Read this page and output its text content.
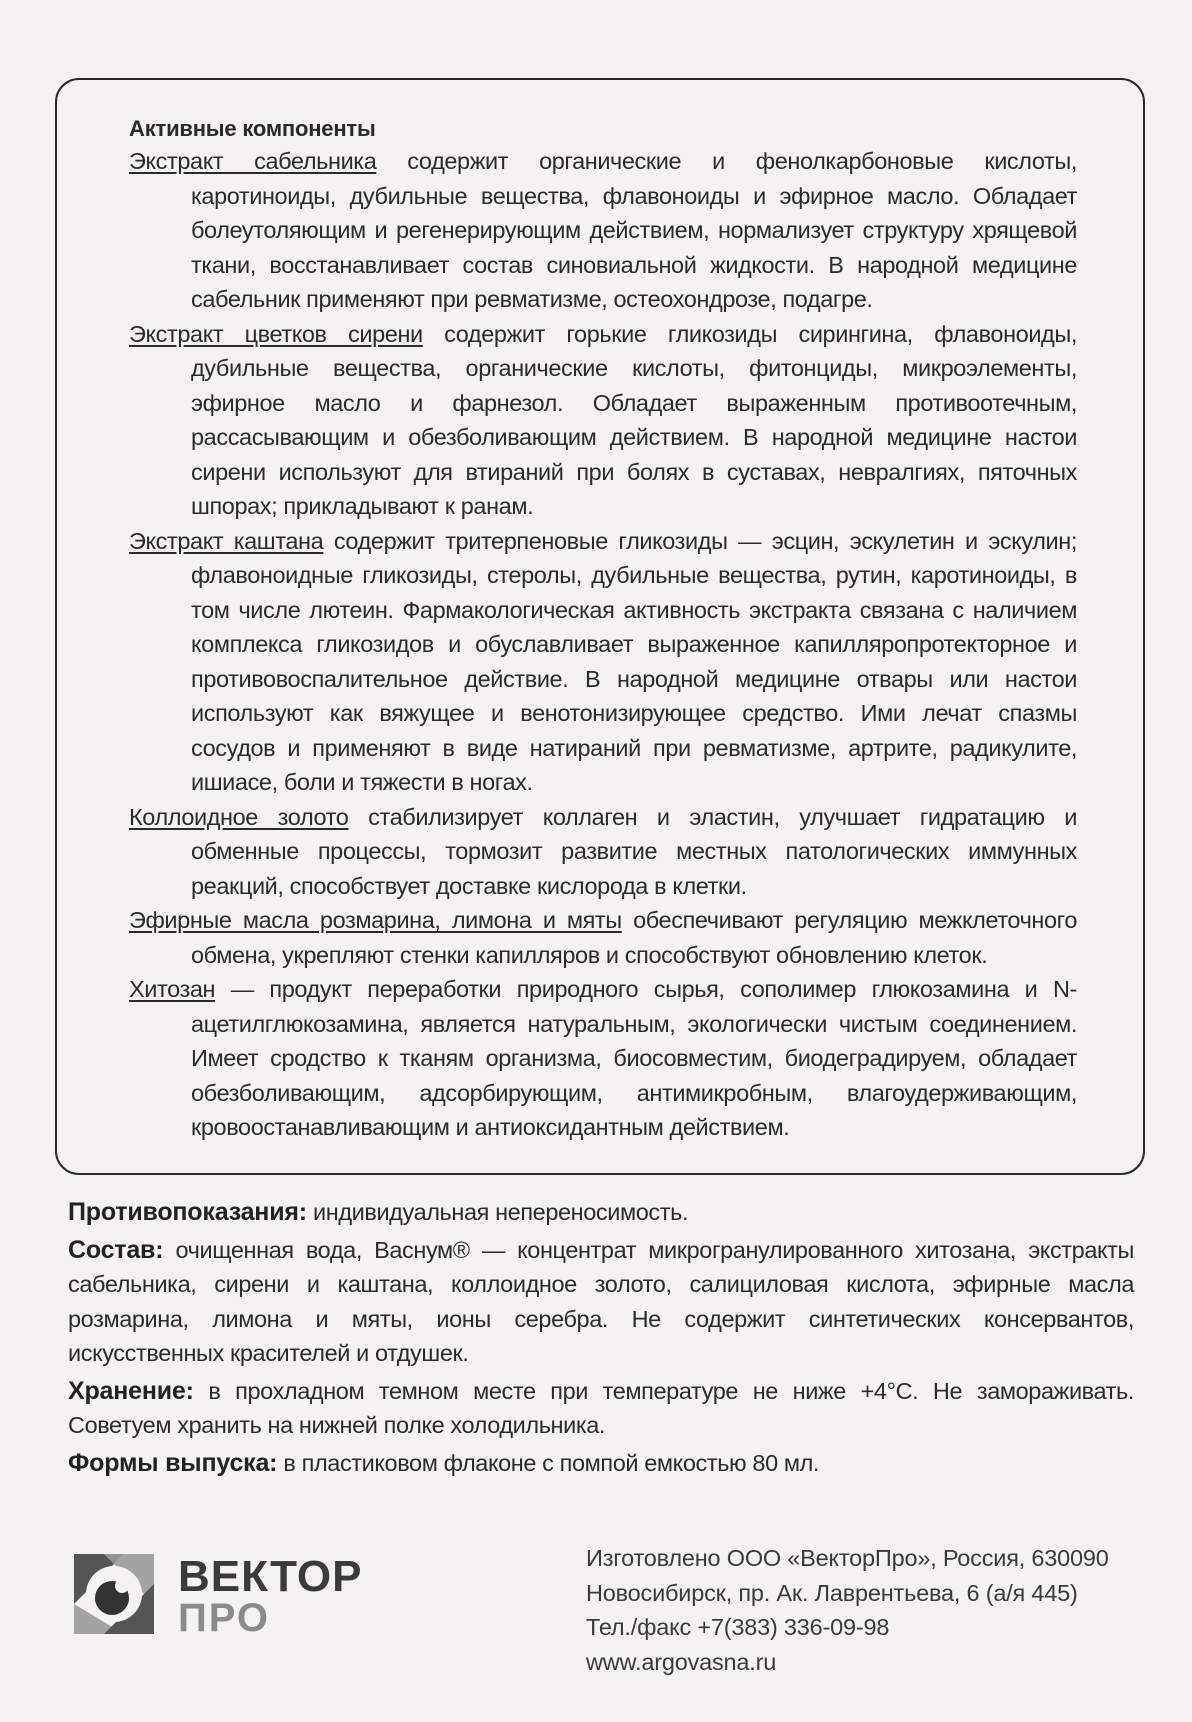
Активные компоненты

Экстракт сабельника содержит органические и фенолкарбоновые кислоты, каротиноиды, дубильные вещества, флавоноиды и эфирное масло. Обладает болеутоляющим и регенерирующим действием, нормализует структуру хрящевой ткани, восстанавливает состав синовиальной жидкости. В народной медицине сабельник применяют при ревматизме, остеохондрозе, подагре.

Экстракт цветков сирени содержит горькие гликозиды сирингина, флавоноиды, дубильные вещества, органические кислоты, фитонциды, микроэлементы, эфирное масло и фарнезол. Обладает выраженным противоотечным, рассасывающим и обезболивающим действием. В народной медицине настои сирени используют для втираний при болях в суставах, невралгиях, пяточных шпорах; прикладывают к ранам.

Экстракт каштана содержит тритерпеновые гликозиды — эсцин, эскулетин и эскулин; флавоноидные гликозиды, стеролы, дубильные вещества, рутин, каротиноиды, в том числе лютеин. Фармакологическая активность экстракта связана с наличием комплекса гликозидов и обуславливает выраженное капилляропротекторное и противовоспалительное действие. В народной медицине отвары или настои используют как вяжущее и венотонизирующее средство. Ими лечат спазмы сосудов и применяют в виде натираний при ревматизме, артрите, радикулите, ишиасе, боли и тяжести в ногах.

Коллоидное золото стабилизирует коллаген и эластин, улучшает гидратацию и обменные процессы, тормозит развитие местных патологических иммунных реакций, способствует доставке кислорода в клетки.

Эфирные масла розмарина, лимона и мяты обеспечивают регуляцию межклеточного обмена, укрепляют стенки капилляров и способствуют обновлению клеток.

Хитозан — продукт переработки природного сырья, сополимер глюкозамина и N-ацетилглюкозамина, является натуральным, экологически чистым соединением. Имеет сродство к тканям организма, биосовместим, биодеградируем, обладает обезболивающим, адсорбирующим, антимикробным, влагоудерживающим, кровоостанавливающим и антиоксидантным действием.

Противопоказания: индивидуальная непереносимость.

Состав: очищенная вода, Васнум® — концентрат микрогранулированного хитозана, экстракты сабельника, сирени и каштана, коллоидное золото, салициловая кислота, эфирные масла розмарина, лимона и мяты, ионы серебра. Не содержит синтетических консервантов, искусственных красителей и отдушек.

Хранение: в прохладном темном месте при температуре не ниже +4°С. Не замораживать. Советуем хранить на нижней полке холодильника.

Формы выпуска: в пластиковом флаконе с помпой емкостью 80 мл.

ВЕКТОР
ПРО
Изготовлено ООО «ВекторПро», Россия, 630090
Новосибирск, пр. Ак. Лаврентьева, 6 (а/я 445)
Тел./факс +7(383) 336-09-98
www.argovasna.ru
